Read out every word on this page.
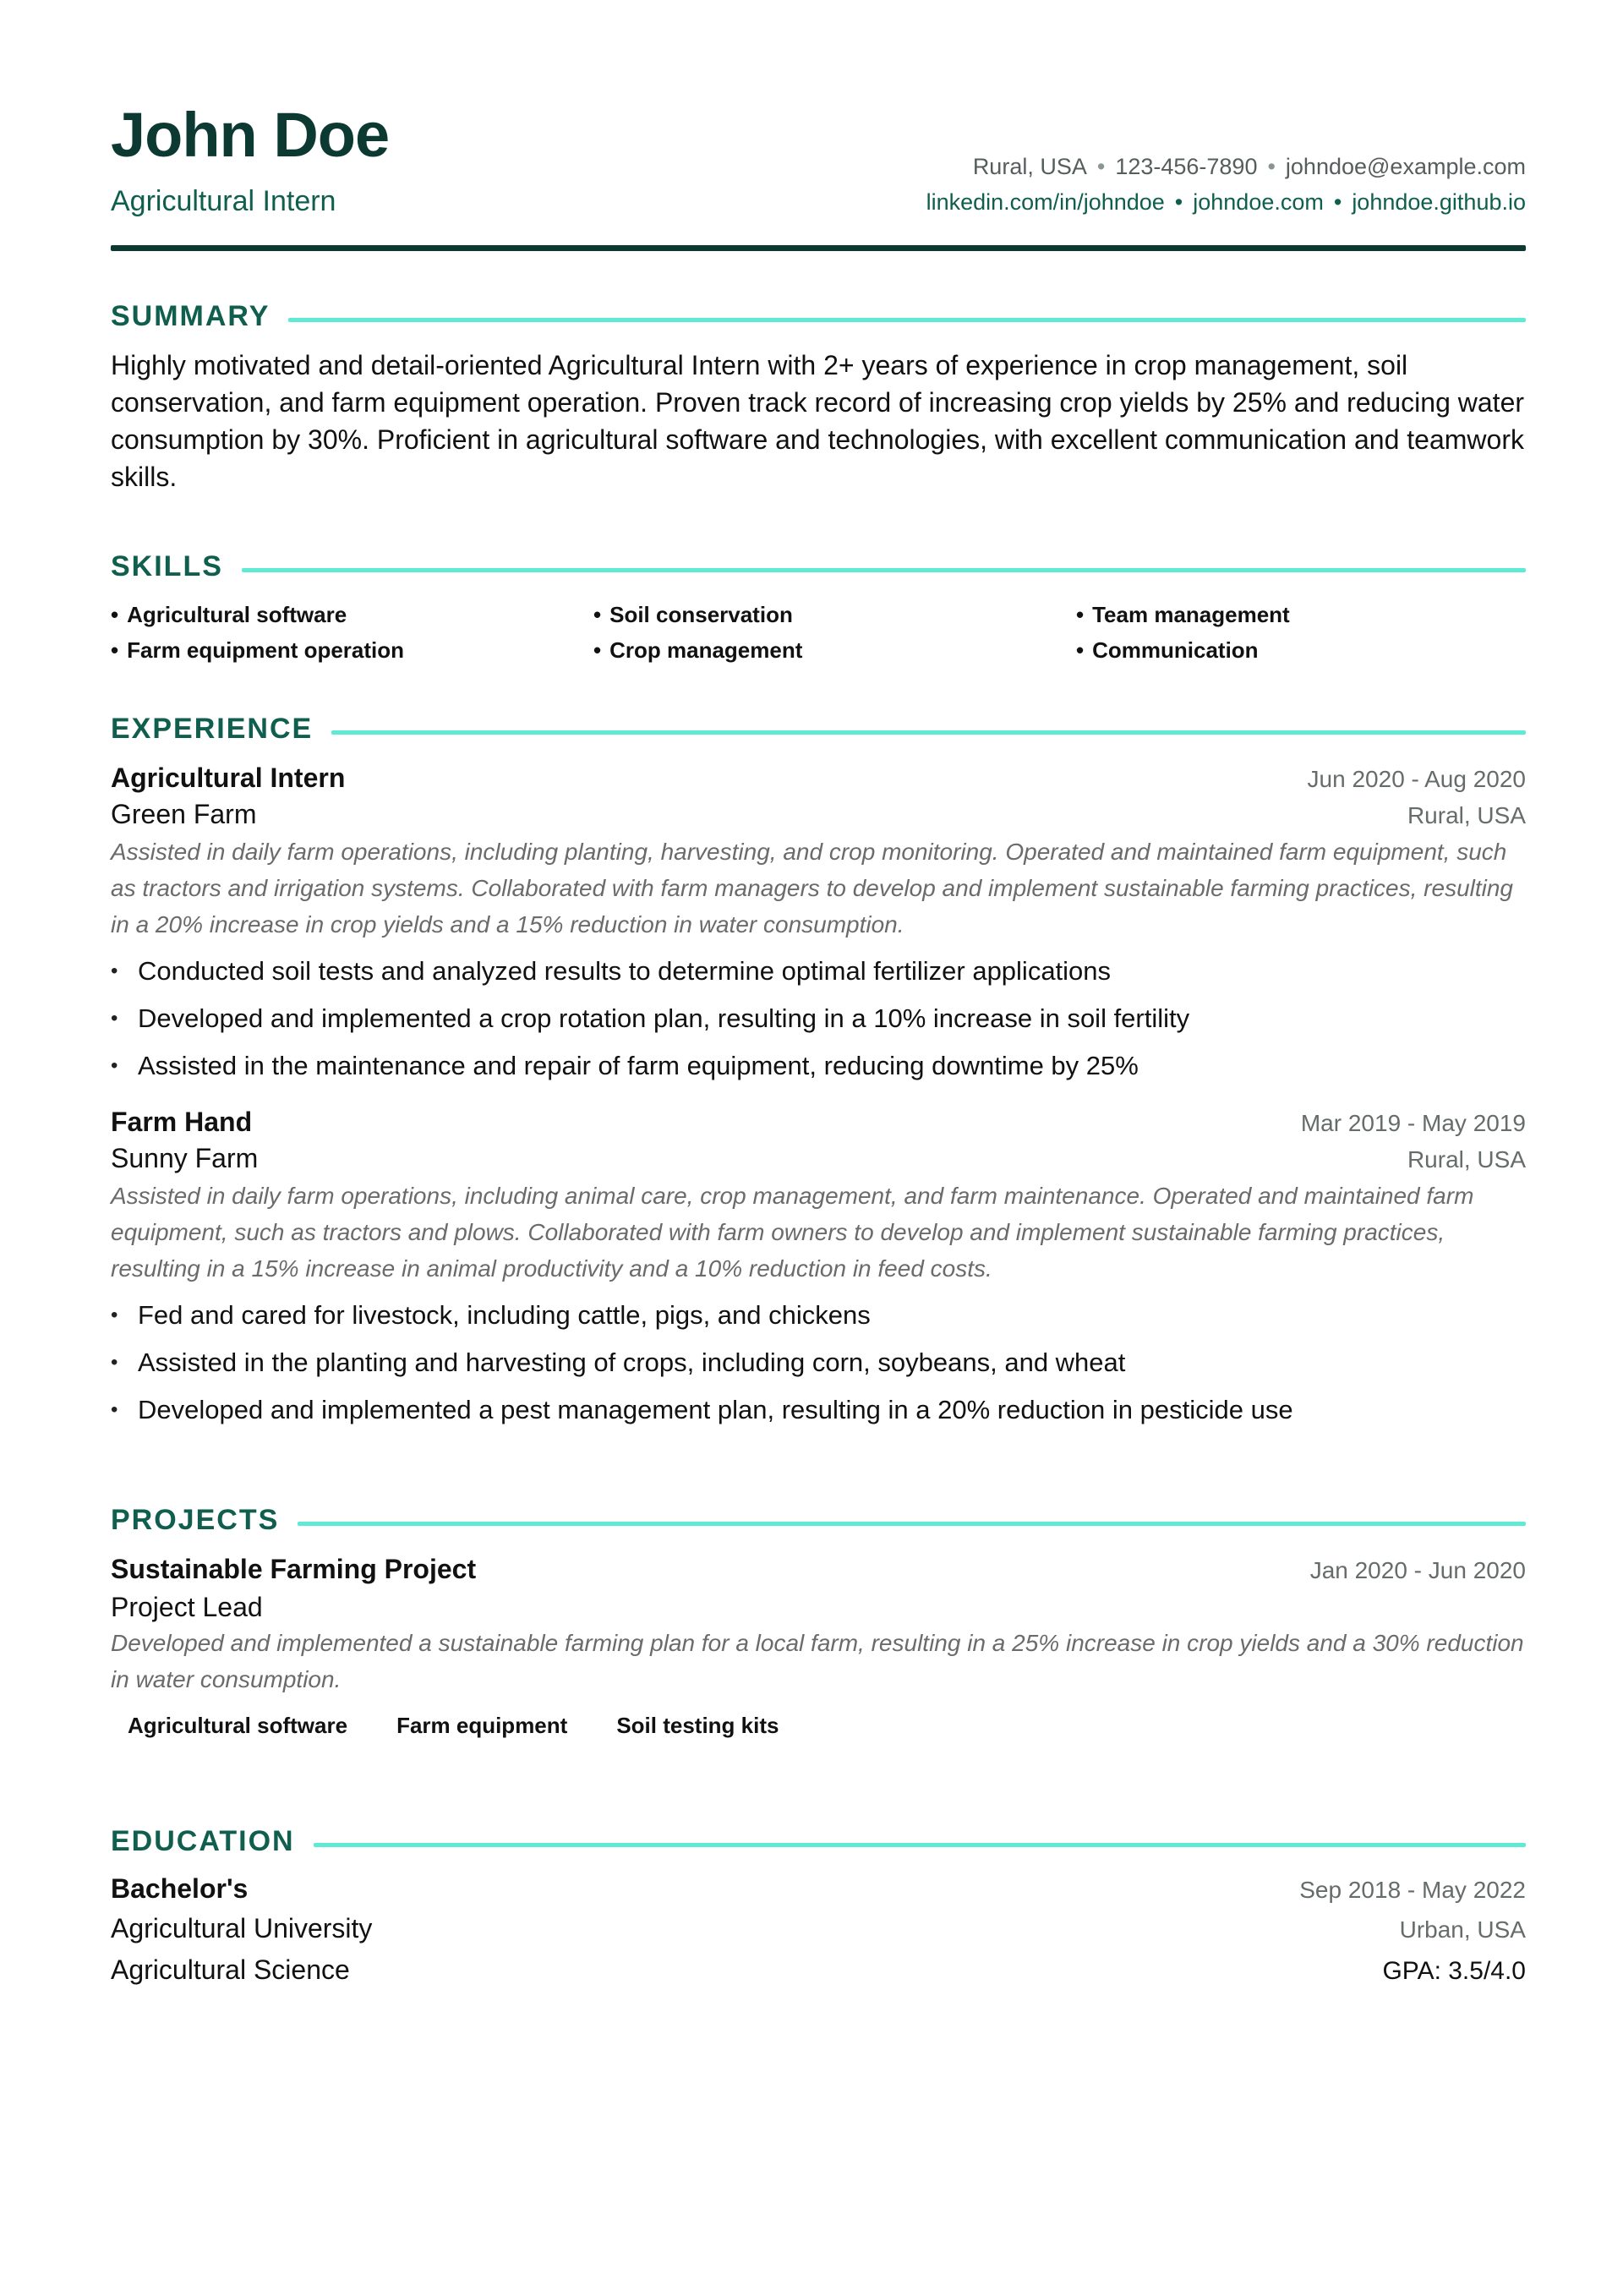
John Doe
Agricultural Intern
Rural, USA • 123-456-7890 • johndoe@example.com
linkedin.com/in/johndoe • johndoe.com • johndoe.github.io
SUMMARY
Highly motivated and detail-oriented Agricultural Intern with 2+ years of experience in crop management, soil conservation, and farm equipment operation. Proven track record of increasing crop yields by 25% and reducing water consumption by 30%. Proficient in agricultural software and technologies, with excellent communication and teamwork skills.
SKILLS
• Agricultural software	• Soil conservation	• Team management
• Farm equipment operation	• Crop management	• Communication
EXPERIENCE
Agricultural Intern	Jun 2020 - Aug 2020
Green Farm	Rural, USA
Assisted in daily farm operations, including planting, harvesting, and crop monitoring. Operated and maintained farm equipment, such as tractors and irrigation systems. Collaborated with farm managers to develop and implement sustainable farming practices, resulting in a 20% increase in crop yields and a 15% reduction in water consumption.
• Conducted soil tests and analyzed results to determine optimal fertilizer applications
• Developed and implemented a crop rotation plan, resulting in a 10% increase in soil fertility
• Assisted in the maintenance and repair of farm equipment, reducing downtime by 25%
Farm Hand	Mar 2019 - May 2019
Sunny Farm	Rural, USA
Assisted in daily farm operations, including animal care, crop management, and farm maintenance. Operated and maintained farm equipment, such as tractors and plows. Collaborated with farm owners to develop and implement sustainable farming practices, resulting in a 15% increase in animal productivity and a 10% reduction in feed costs.
• Fed and cared for livestock, including cattle, pigs, and chickens
• Assisted in the planting and harvesting of crops, including corn, soybeans, and wheat
• Developed and implemented a pest management plan, resulting in a 20% reduction in pesticide use
PROJECTS
Sustainable Farming Project	Jan 2020 - Jun 2020
Project Lead
Developed and implemented a sustainable farming plan for a local farm, resulting in a 25% increase in crop yields and a 30% reduction in water consumption.
Agricultural software Farm equipment Soil testing kits
EDUCATION
Bachelor's	Sep 2018 - May 2022
Agricultural University	Urban, USA
Agricultural Science	GPA: 3.5/4.0
